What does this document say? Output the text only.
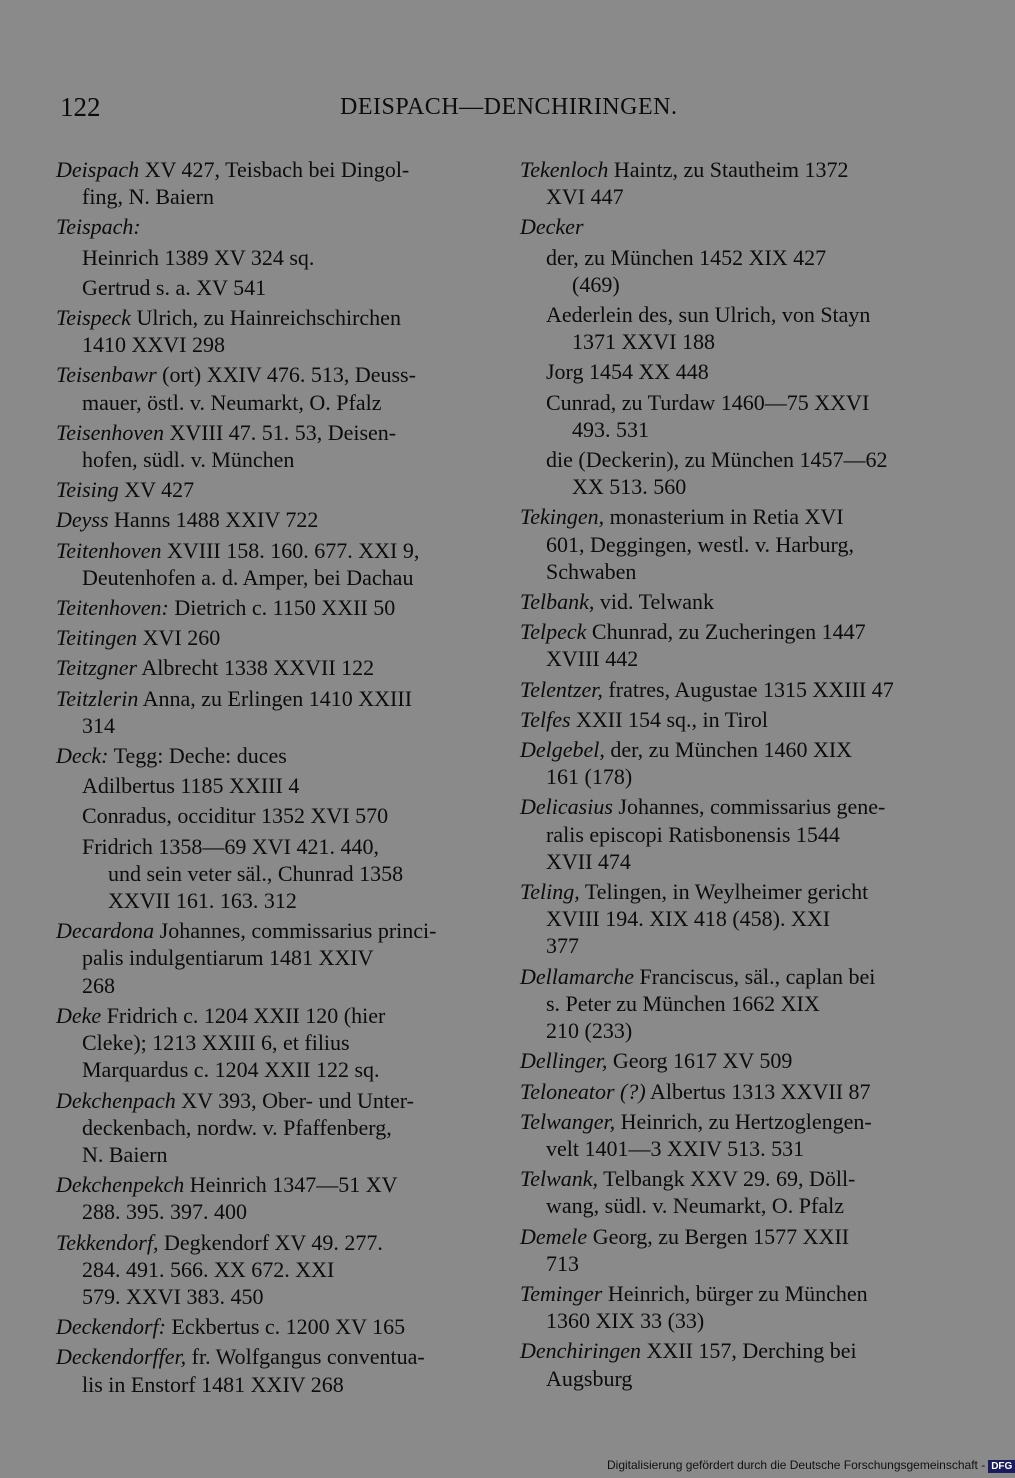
122	DEISPACH—DENCHIRINGEN.
Deispach XV 427, Teisbach bei Dingol-
fing, N. Baiern
Teispach:
Heinrich 1389 XV 324 sq.
Gertrud s. a. XV 541
Teispeck Ulrich, zu Hainreichschirchen
1410 XXVI 298
Teisenbawr (ort) XXIV 476. 513, Deuss-
mauer, östl. v. Neumarkt, O. Pfalz
Teisenhoven XVIII 47. 51. 53, Deisen-
hofen, südl. v. München
Teising XV 427
Deyss Hanns 1488 XXIV 722
Teitenhoven XVIII 158. 160. 677. XXI 9,
Deutenhofen a. d. Amper, bei Dachau
Teitenhoven: Dietrich c. 1150 XXII 50
Teitingen XVI 260
Teitzgner Albrecht 1338 XXVII 122
Teitzlerin Anna, zu Erlingen 1410 XXIII
314
Deck: Tegg: Deche: duces
Adilbertus 1185 XXIII 4
Conradus, occiditur 1352 XVI 570
Fridrich 1358—69 XVI 421. 440,
und sein veter säl., Chunrad 1358
XXVII 161. 163. 312
Decardona Johannes, commissarius princi-
palis indulgentiarum 1481 XXIV
268
Deke Fridrich c. 1204 XXII 120 (hier
Cleke); 1213 XXIII 6, et filius
Marquardus c. 1204 XXII 122 sq.
Dekchenpach XV 393, Ober- und Unter-
deckenbach, nordw. v. Pfaffenberg,
N. Baiern
Dekchenpekch Heinrich 1347—51 XV
288. 395. 397. 400
Tekkendorf, Degkendorf XV 49. 277.
284. 491. 566. XX 672. XXI
579. XXVI 383. 450
Deckendorf: Eckbertus c. 1200 XV 165
Deckendorffer, fr. Wolfgangus conventua-
lis in Enstorf 1481 XXIV 268
Tekenloch Haintz, zu Stautheim 1372
XVI 447
Decker
der, zu München 1452 XIX 427
(469)
Aederlein des, sun Ulrich, von Stayn
1371 XXVI 188
Jorg 1454 XX 448
Cunrad, zu Turdaw 1460—75 XXVI
493. 531
die (Deckerin), zu München 1457—62
XX 513. 560
Tekingen, monasterium in Retia XVI
601, Deggingen, westl. v. Harburg,
Schwaben
Telbank, vid. Telwank
Telpeck Chunrad, zu Zucheringen 1447
XVIII 442
Telentzer, fratres, Augustae 1315 XXIII 47
Telfes XXII 154 sq., in Tirol
Delgebel, der, zu München 1460 XIX
161 (178)
Delicasius Johannes, commissarius gene-
ralis episcopi Ratisbonensis 1544
XVII 474
Teling, Telingen, in Weylheimer gericht
XVIII 194. XIX 418 (458). XXI
377
Dellamarche Franciscus, säl., caplan bei
s. Peter zu München 1662 XIX
210 (233)
Dellinger, Georg 1617 XV 509
Teloneator (?) Albertus 1313 XXVII 87
Telwanger, Heinrich, zu Hertzoglengen-
velt 1401—3 XXIV 513. 531
Telwank, Telbangk XXV 29. 69, Döll-
wang, südl. v. Neumarkt, O. Pfalz
Demele Georg, zu Bergen 1577 XXII
713
Teminger Heinrich, bürger zu München
1360 XIX 33 (33)
Denchiringen XXII 157, Derching bei
Augsburg
Digitalisierung gefördert durch die Deutsche Forschungsgemeinschaft - DFG
